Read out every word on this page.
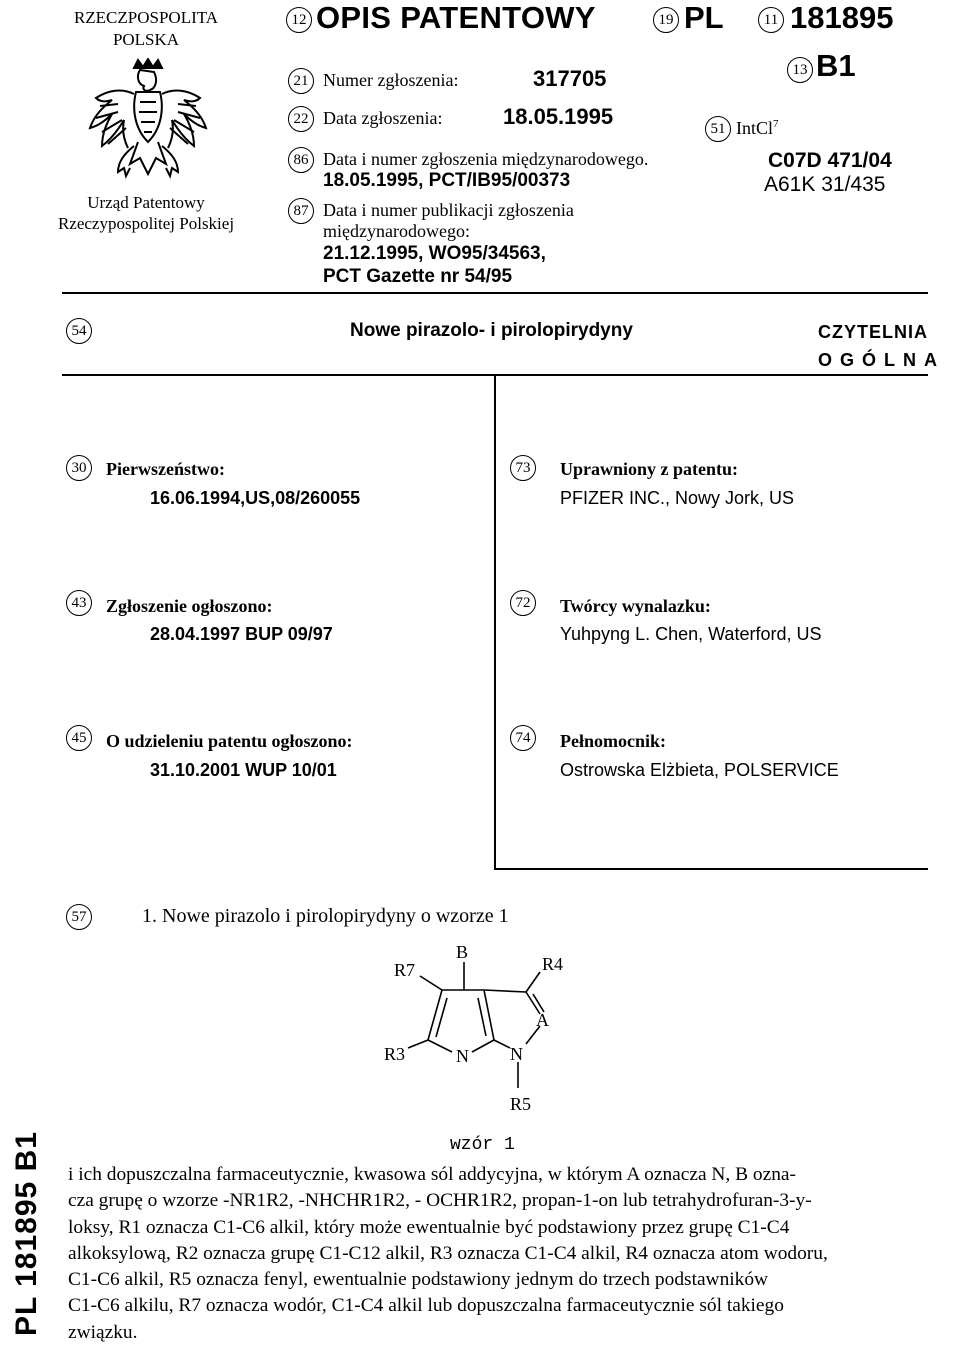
RZECZPOSPOLITA
POLSKA
Urząd Patentowy
Rzeczypospolitej Polskiej
12 OPIS PATENTOWY	19 PL	11 181895
21 Numer zgłoszenia:	317705
22 Data zgłoszenia:	18.05.1995
86 Data i numer zgłoszenia międzynarodowego.
18.05.1995, PCT/IB95/00373
87 Data i numer publikacji zgłoszenia
międzynarodowego:
21.12.1995, WO95/34563,
PCT Gazette nr 54/95
13 B1
51 IntCl$^7$
C07D 471/04
A61K 31/435
54	Nowe pirazolo- i pirolopirydyny	CZYTELNIA
OGÓLNA
30	Pierwszeństwo:
16.06.1994,US,08/260055
43	Zgłoszenie ogłoszono:
28.04.1997 BUP 09/97
45	O udzieleniu patentu ogłoszono:
31.10.2001 WUP 10/01
73	Uprawniony z patentu:
PFIZER INC., Nowy Jork, US
72	Twórcy wynalazku:
Yuhpyng L. Chen, Waterford, US
74	Pełnomocnik:
Ostrowska Elżbieta, POLSERVICE
57	1. Nowe pirazolo i pirolopirydyny o wzorze 1
B
R7	R4
A
R3	N N
R5
wzór 1
i ich dopuszczalna farmaceutycznie, kwasowa sól addycyjna, w którym A oznacza N, B ozna-
cza grupę o wzorze -NR1R2, -NHCHR1R2, - OCHR1R2, propan-1-on lub tetrahydrofuran-3-y-
loksy, R1 oznacza C1-C6 alkil, który może ewentualnie być podstawiony przez grupę C1-C4
alkoksylową, R2 oznacza grupę C1-C12 alkil, R3 oznacza C1-C4 alkil, R4 oznacza atom wodoru,
C1-C6 alkil, R5 oznacza fenyl, ewentualnie podstawiony jednym do trzech podstawników
C1-C6 alkilu, R7 oznacza wodór, C1-C4 alkil lub dopuszczalna farmaceutycznie sól takiego
związku.
PL 181895 B1
